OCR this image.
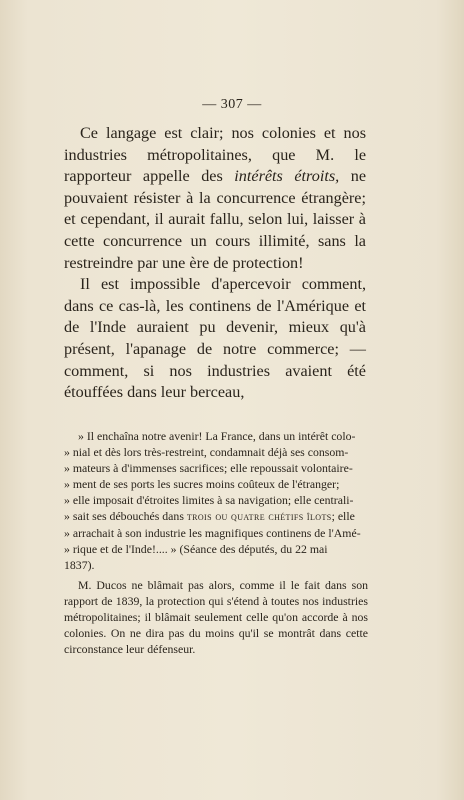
— 307 —

Ce langage est clair; nos colonies et nos industries métropolitaines, que M. le rapporteur appelle des intérêts étroits, ne pouvaient résister à la concurrence étrangère; et cependant, il aurait fallu, selon lui, laisser à cette concurrence un cours illimité, sans la restreindre par une ère de protection!

Il est impossible d'apercevoir comment, dans ce cas-là, les continens de l'Amérique et de l'Inde auraient pu devenir, mieux qu'à présent, l'apanage de notre commerce; — comment, si nos industries avaient été étouffées dans leur berceau,

» Il enchaîna notre avenir! La France, dans un intérêt colo-

» nial et dès lors très-restreint, condamnait déjà ses consom-

» mateurs à d'immenses sacrifices; elle repoussait volontaire-

» ment de ses ports les sucres moins coûteux de l'étranger;

» elle imposait d'étroites limites à sa navigation; elle centrali-

» sait ses débouchés dans trois ou quatre chétifs îlots; elle

» arrachait à son industrie les magnifiques continens de l'Amé-

» rique et de l'Inde!.... » (Séance des députés, du 22 mai

1837).

M. Ducos ne blâmait pas alors, comme il le fait dans son rapport de 1839, la protection qui s'étend à toutes nos industries métropolitaines; il blâmait seulement celle qu'on accorde à nos colonies. On ne dira pas du moins qu'il se montrât dans cette circonstance leur défenseur.
